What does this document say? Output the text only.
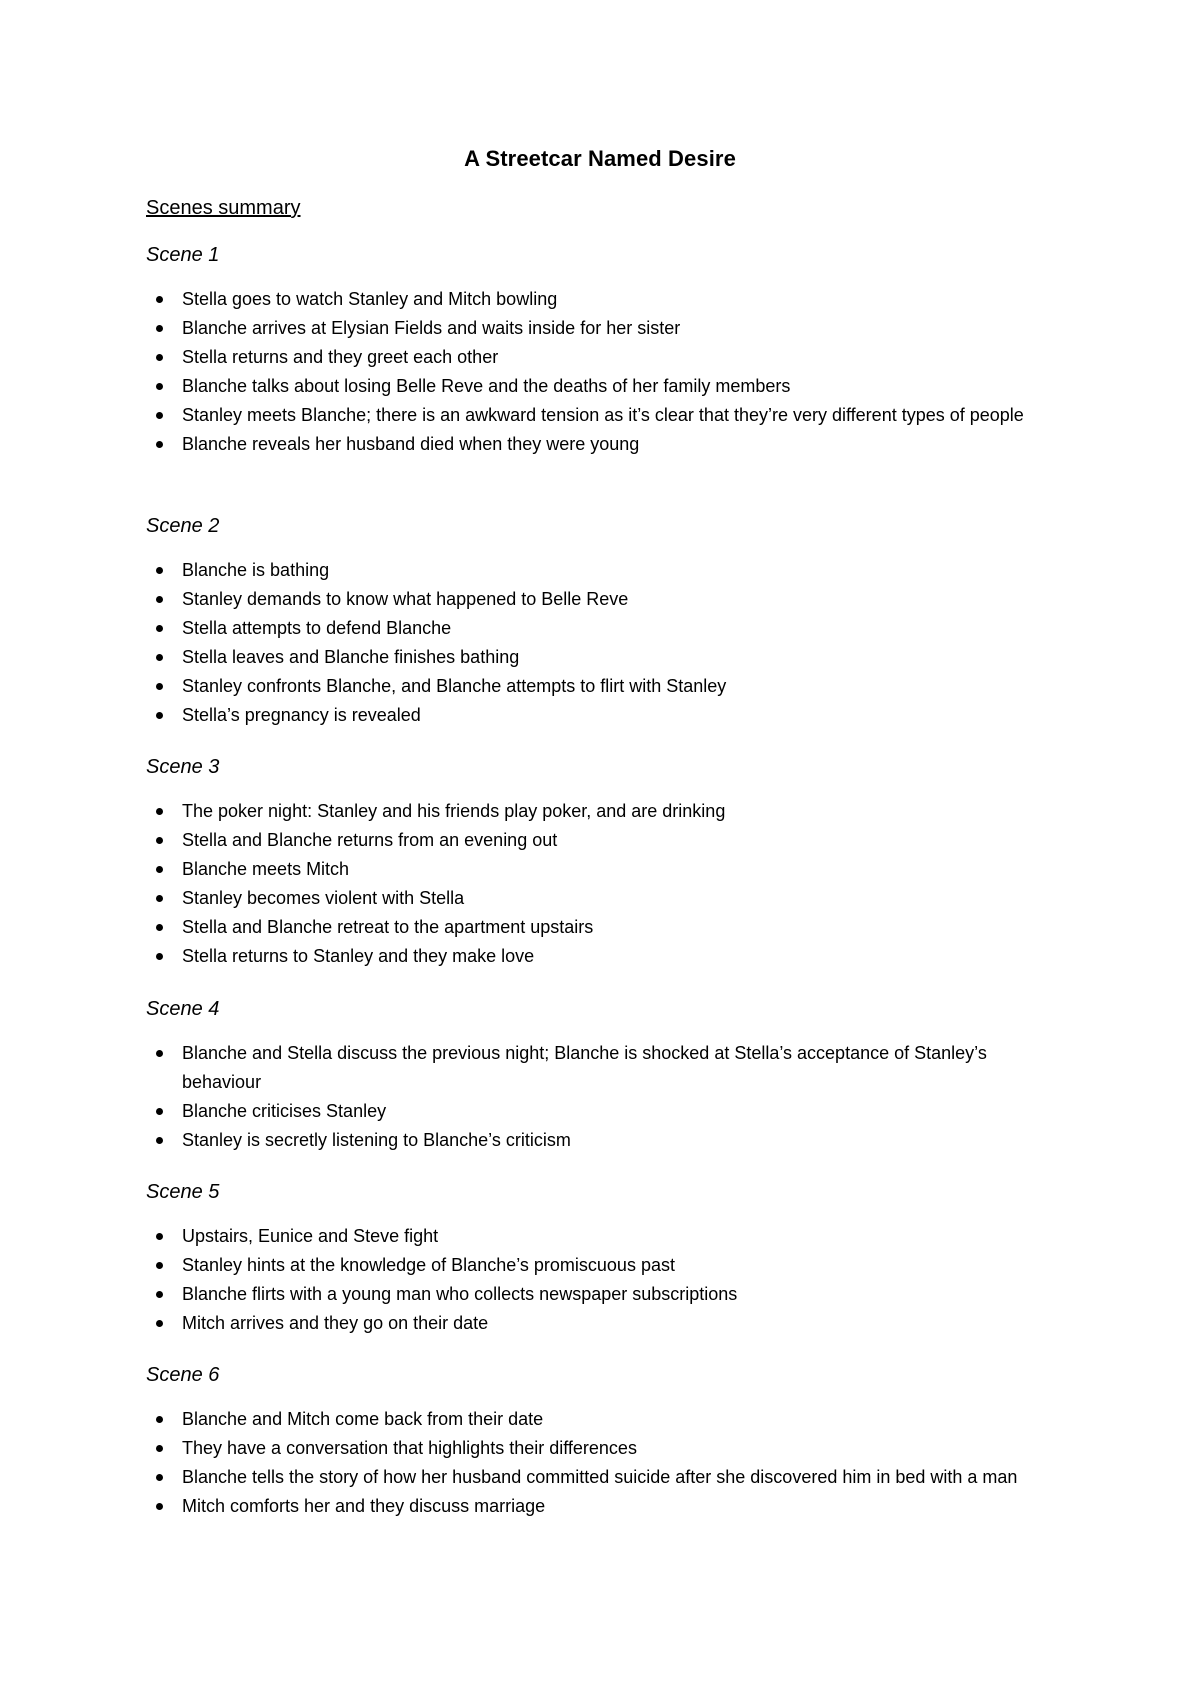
A Streetcar Named Desire
Scenes summary
Scene 1
Stella goes to watch Stanley and Mitch bowling
Blanche arrives at Elysian Fields and waits inside for her sister
Stella returns and they greet each other
Blanche talks about losing Belle Reve and the deaths of her family members
Stanley meets Blanche; there is an awkward tension as it’s clear that they’re very different types of people
Blanche reveals her husband died when they were young
Scene 2
Blanche is bathing
Stanley demands to know what happened to Belle Reve
Stella attempts to defend Blanche
Stella leaves and Blanche finishes bathing
Stanley confronts Blanche, and Blanche attempts to flirt with Stanley
Stella’s pregnancy is revealed
Scene 3
The poker night: Stanley and his friends play poker, and are drinking
Stella and Blanche returns from an evening out
Blanche meets Mitch
Stanley becomes violent with Stella
Stella and Blanche retreat to the apartment upstairs
Stella returns to Stanley and they make love
Scene 4
Blanche and Stella discuss the previous night; Blanche is shocked at Stella’s acceptance of Stanley’s behaviour
Blanche criticises Stanley
Stanley is secretly listening to Blanche’s criticism
Scene 5
Upstairs, Eunice and Steve fight
Stanley hints at the knowledge of Blanche’s promiscuous past
Blanche flirts with a young man who collects newspaper subscriptions
Mitch arrives and they go on their date
Scene 6
Blanche and Mitch come back from their date
They have a conversation that highlights their differences
Blanche tells the story of how her husband committed suicide after she discovered him in bed with a man
Mitch comforts her and they discuss marriage
